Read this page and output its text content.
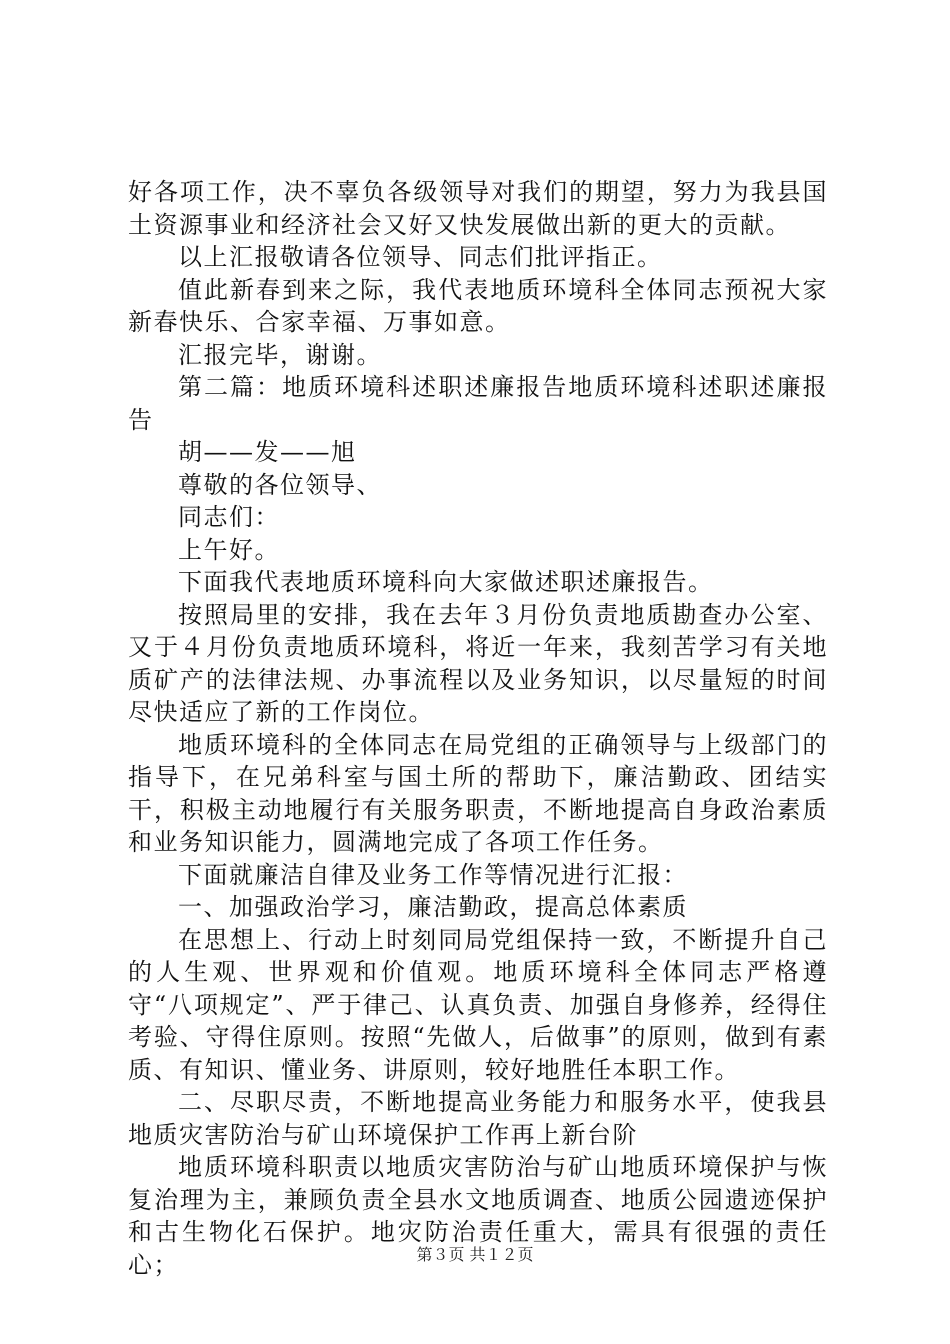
好各项工作，决不辜负各级领导对我们的期望，努力为我县国土资源事业和经济社会又好又快发展做出新的更大的贡献。

以上汇报敬请各位领导、同志们批评指正。

值此新春到来之际，我代表地质环境科全体同志预祝大家新春快乐、合家幸福、万事如意。

汇报完毕，谢谢。

第二篇：地质环境科述职述廉报告地质环境科述职述廉报告

胡——发——旭

尊敬的各位领导、

同志们：

上午好。

下面我代表地质环境科向大家做述职述廉报告。

按照局里的安排，我在去年３月份负责地质勘查办公室、又于４月份负责地质环境科，将近一年来，我刻苦学习有关地质矿产的法律法规、办事流程以及业务知识，以尽量短的时间尽快适应了新的工作岗位。

地质环境科的全体同志在局党组的正确领导与上级部门的指导下，在兄弟科室与国土所的帮助下，廉洁勤政、团结实干，积极主动地履行有关服务职责，不断地提高自身政治素质和业务知识能力，圆满地完成了各项工作任务。

下面就廉洁自律及业务工作等情况进行汇报：

一、加强政治学习，廉洁勤政，提高总体素质

在思想上、行动上时刻同局党组保持一致，不断提升自己的人生观、世界观和价值观。地质环境科全体同志严格遵守“八项规定”、严于律己、认真负责、加强自身修养，经得住考验、守得住原则。按照“先做人，后做事”的原则，做到有素质、有知识、懂业务、讲原则，较好地胜任本职工作。

二、尽职尽责，不断地提高业务能力和服务水平，使我县地质灾害防治与矿山环境保护工作再上新台阶

地质环境科职责以地质灾害防治与矿山地质环境保护与恢复治理为主，兼顾负责全县水文地质调查、地质公园遗迹保护和古生物化石保护。地灾防治责任重大，需具有很强的责任心；	第３页 共１２页
